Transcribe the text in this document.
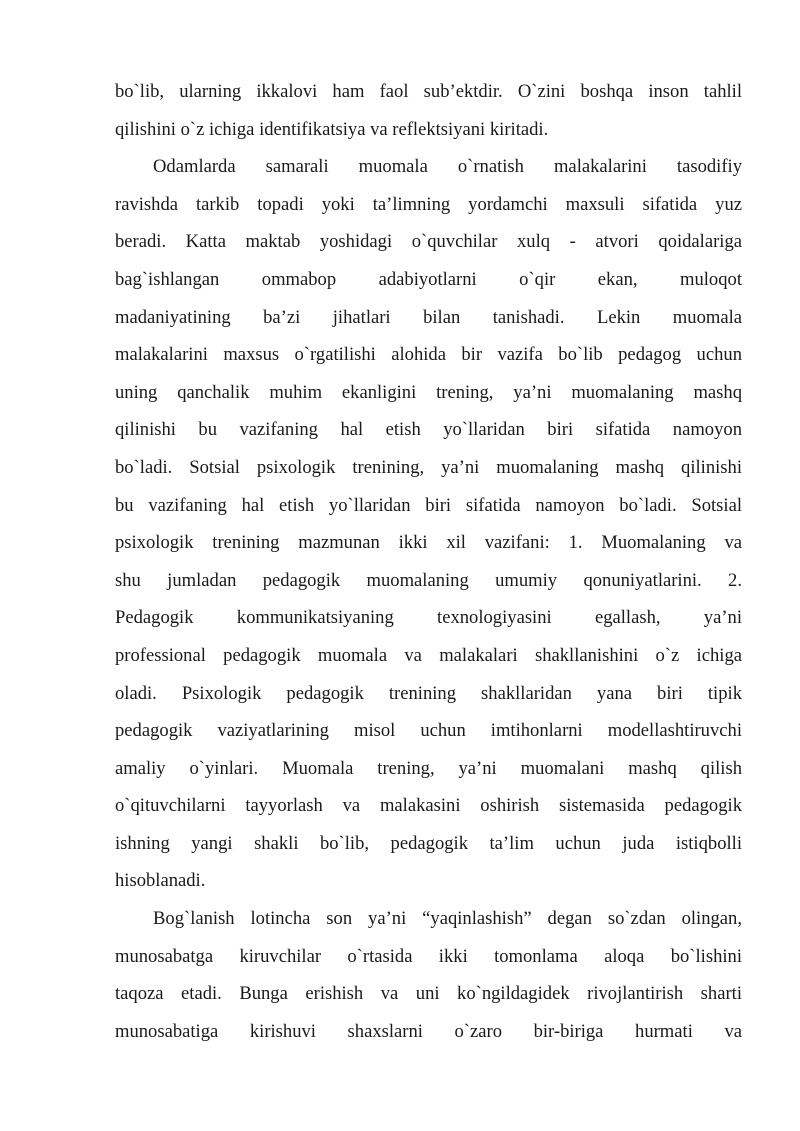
bo`lib, ularning ikkalovi ham faol sub’ektdir. O`zini boshqa inson tahlil
qilishini o`z ichiga identifikatsiya va reflektsiyani kiritadi.
Odamlarda samarali muomala o`rnatish malakalarini tasodifiy
ravishda tarkib topadi yoki ta’limning yordamchi maxsuli sifatida yuz
beradi. Katta maktab yoshidagi o`quvchilar xulq - atvori qoidalariga
bag`ishlangan ommabop adabiyotlarni o`qir ekan, muloqot
madaniyatining ba’zi jihatlari bilan tanishadi. Lekin muomala
malakalarini maxsus o`rgatilishi alohida bir vazifa bo`lib pedagog uchun
uning qanchalik muhim ekanligini trening, ya’ni muomalaning mashq
qilinishi bu vazifaning hal etish yo`llaridan biri sifatida namoyon
bo`ladi. Sotsial psixologik trenining, ya’ni muomalaning mashq qilinishi
bu vazifaning hal etish yo`llaridan biri sifatida namoyon bo`ladi. Sotsial
psixologik trenining mazmunan ikki xil vazifani: 1. Muomalaning va
shu jumladan pedagogik muomalaning umumiy qonuniyatlarini. 2.
Pedagogik kommunikatsiyaning texnologiyasini egallash, ya’ni
professional pedagogik muomala va malakalari shakllanishini o`z ichiga
oladi. Psixologik pedagogik trenining shakllaridan yana biri tipik
pedagogik vaziyatlarining misol uchun imtihonlarni modellashtiruvchi
amaliy o`yinlari. Muomala trening, ya’ni muomalani mashq qilish
o`qituvchilarni tayyorlash va malakasini oshirish sistemasida pedagogik
ishning yangi shakli bo`lib, pedagogik ta’lim uchun juda istiqbolli
hisoblanadi.
Bog`lanish lotincha son ya’ni “yaqinlashish” degan so`zdan olingan,
munosabatga kiruvchilar o`rtasida ikki tomonlama aloqa bo`lishini
taqoza etadi. Bunga erishish va uni ko`ngildagidek rivojlantirish sharti
munosabatiga kirishuvi shaxslarni o`zaro bir-biriga hurmati va
